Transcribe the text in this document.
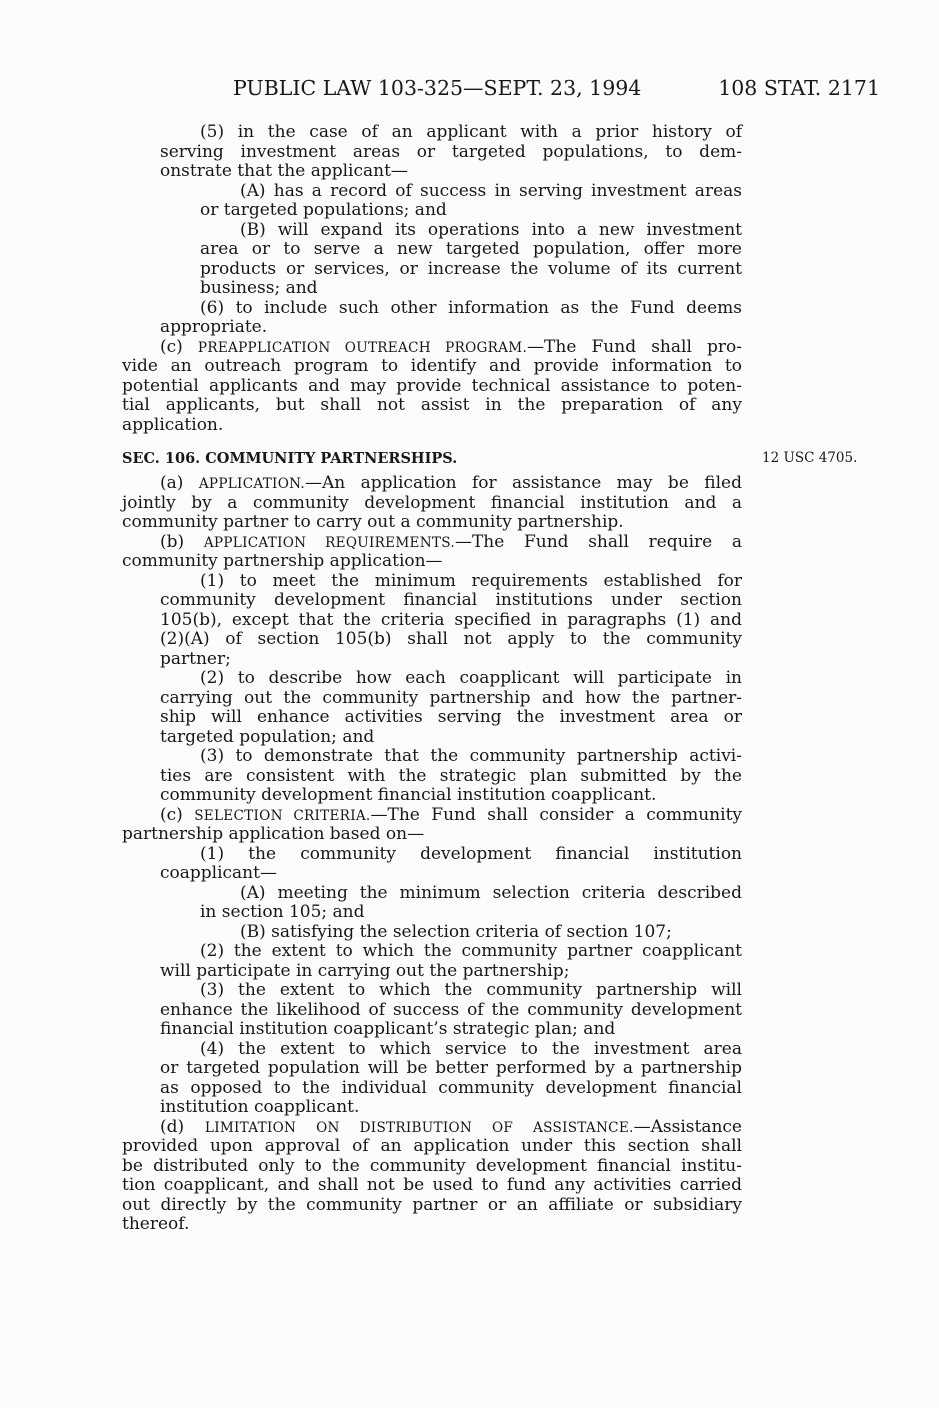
PUBLIC LAW 103-325—SEPT. 23, 1994	108 STAT. 2171
12 USC 4705.
(5) in the case of an applicant with a prior history of
serving investment areas or targeted populations, to dem-
onstrate that the applicant—
(A) has a record of success in serving investment areas
or targeted populations; and
(B) will expand its operations into a new investment
area or to serve a new targeted population, offer more
products or services, or increase the volume of its current
business; and
(6) to include such other information as the Fund deems
appropriate.
(c) PREAPPLICATION OUTREACH PROGRAM.—The Fund shall pro-
vide an outreach program to identify and provide information to
potential applicants and may provide technical assistance to poten-
tial applicants, but shall not assist in the preparation of any
application.
SEC. 106. COMMUNITY PARTNERSHIPS.
(a) APPLICATION.—An application for assistance may be filed
jointly by a community development financial institution and a
community partner to carry out a community partnership.
(b) APPLICATION REQUIREMENTS.—The Fund shall require a
community partnership application—
(1) to meet the minimum requirements established for
community development financial institutions under section
105(b), except that the criteria specified in paragraphs (1) and
(2)(A) of section 105(b) shall not apply to the community
partner;
(2) to describe how each coapplicant will participate in
carrying out the community partnership and how the partner-
ship will enhance activities serving the investment area or
targeted population; and
(3) to demonstrate that the community partnership activi-
ties are consistent with the strategic plan submitted by the
community development financial institution coapplicant.
(c) SELECTION CRITERIA.—The Fund shall consider a community
partnership application based on—
(1) the community development financial institution
coapplicant—
(A) meeting the minimum selection criteria described
in section 105; and
(B) satisfying the selection criteria of section 107;
(2) the extent to which the community partner coapplicant
will participate in carrying out the partnership;
(3) the extent to which the community partnership will
enhance the likelihood of success of the community development
financial institution coapplicant’s strategic plan; and
(4) the extent to which service to the investment area
or targeted population will be better performed by a partnership
as opposed to the individual community development financial
institution coapplicant.
(d) LIMITATION ON DISTRIBUTION OF ASSISTANCE.—Assistance
provided upon approval of an application under this section shall
be distributed only to the community development financial institu-
tion coapplicant, and shall not be used to fund any activities carried
out directly by the community partner or an affiliate or subsidiary
thereof.
